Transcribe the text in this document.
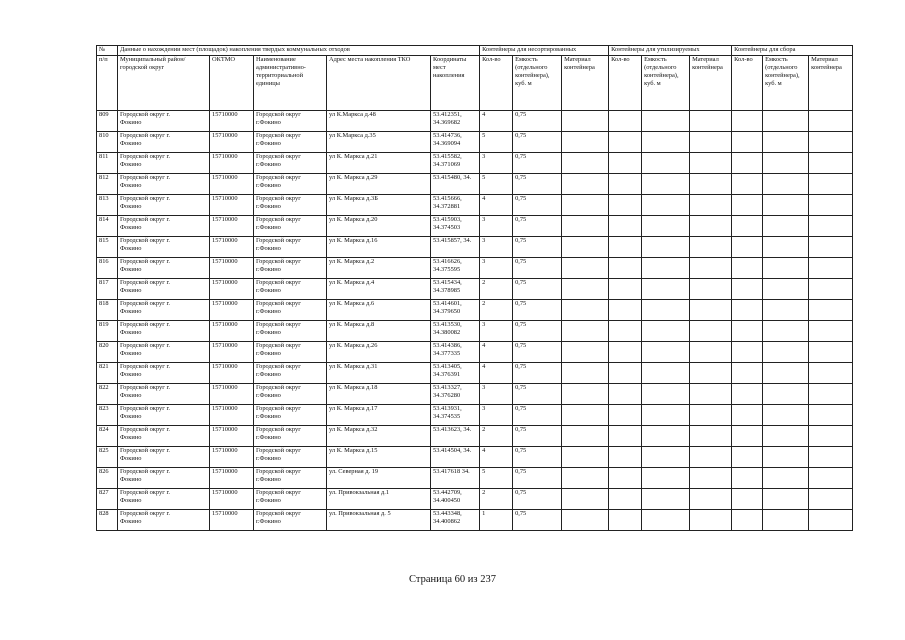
№	Данные о нахождении мест (площадок) накопления твердых коммунальных отходов					Контейнеры для несортированных			Контейнеры для утилизируемых			Контейнеры для сбора		
п/п	Муниципальный район/городской округ	ОКТМО	Наименование административно-территориальной единицы	Адрес места накопления ТКО	Координаты мест накопления	Кол-во	Емкость (отдельного контейнера), куб. м	Материал контейнера	Кол-во	Емкость (отдельного контейнера), куб. м	Материал контейнера	Кол-во	Емкость (отдельного контейнера), куб. м	Материал контейнера

809	Городской округ г.
Фокино	15710000	Городской округ
г.Фокино	ул К.Маркса д.48	53.412351,
34.369682	4	0,75							

810	Городской округ г.
Фокино	15710000	Городской округ
г.Фокино	ул К.Маркса д.35	53.414736,
34.369094	5	0,75							

811	Городской округ г.
Фокино	15710000	Городской округ
г.Фокино	ул К. Маркса д.21	53.415582,
34.371069	3	0,75							

812	Городской округ г.
Фокино	15710000	Городской округ
г.Фокино	ул К. Маркса д.29	53.415480, 34.	5	0,75							

813	Городской округ г.
Фокино	15710000	Городской округ
г.Фокино	ул К. Маркса д.3Б	53.415666,
34.372881	4	0,75							

814	Городской округ г.
Фокино	15710000	Городской округ
г.Фокино	ул К. Маркса д.20	53.415903,
34.374503	3	0,75							

815	Городской округ г.
Фокино	15710000	Городской округ
г.Фокино	ул К. Маркса д.16	53.415857, 34.	3	0,75							

816	Городской округ г.
Фокино	15710000	Городской округ
г.Фокино	ул К. Маркса д.2	53.416626,
34.375595	3	0,75							

817	Городской округ г.
Фокино	15710000	Городской округ
г.Фокино	ул К. Маркса д.4	53.415434,
34.378985	2	0,75							

818	Городской округ г.
Фокино	15710000	Городской округ
г.Фокино	ул К. Маркса д.6	53.414601,
34.379650	2	0,75							

819	Городской округ г.
Фокино	15710000	Городской округ
г.Фокино	ул К. Маркса д.8	53.413530,
34.380082	3	0,75							

820	Городской округ г.
Фокино	15710000	Городской округ
г.Фокино	ул К. Маркса д.26	53.414386,
34.377335	4	0,75							

821	Городской округ г.
Фокино	15710000	Городской округ
г.Фокино	ул К. Маркса д.31	53.413405,
34.376391	4	0,75							

822	Городской округ г.
Фокино	15710000	Городской округ
г.Фокино	ул К. Маркса д.18	53.413327,
34.376280	3	0,75							

823	Городской округ г.
Фокино	15710000	Городской округ
г.Фокино	ул К. Маркса д.17	53.413931,
34.374535	3	0,75							

824	Городской округ г.
Фокино	15710000	Городской округ
г.Фокино	ул К. Маркса д.32	53.413623, 34.	2	0,75							

825	Городской округ г.
Фокино	15710000	Городской округ
г.Фокино	ул К. Маркса д.15	53.414504, 34.	4	0,75							

826	Городской округ г.
Фокино	15710000	Городской округ
г.Фокино	ул. Северная д. 19	53.417618 34.	5	0,75							

827	Городской округ г.
Фокино	15710000	Городской округ
г.Фокино	ул. Привокзальная д.1	53.442709,
34.400450	2	0,75							

828	Городской округ г.
Фокино	15710000	Городской округ
г.Фокино	ул. Привокзальная д. 5	53.443348,
34.400862	1	0,75							

Страница 60 из 237
